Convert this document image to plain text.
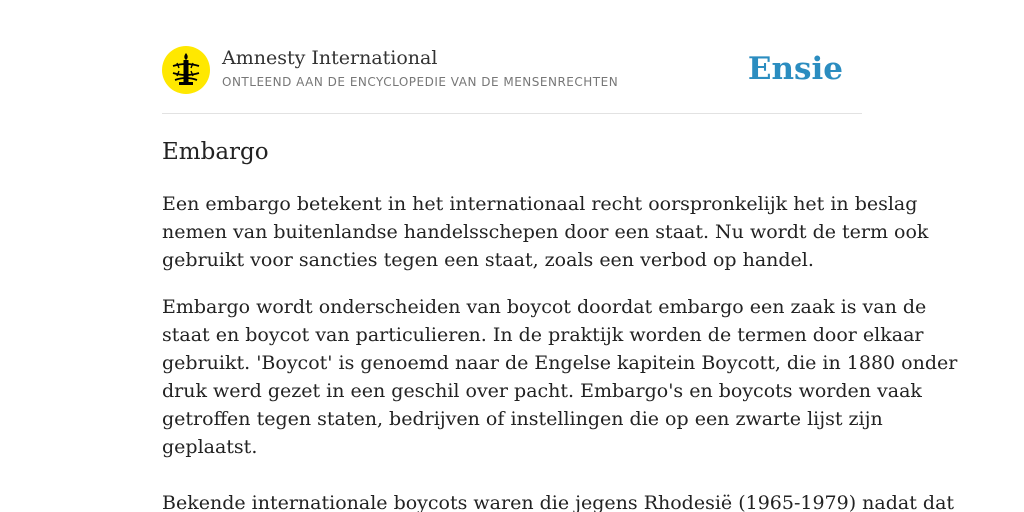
Amnesty International
ONTLEEND AAN DE ENCYCLOPEDIE VAN DE MENSENRECHTEN	Ensie
Embargo

Een embargo betekent in het internationaal recht oorspronkelijk het in beslag
nemen van buitenlandse handelsschepen door een staat. Nu wordt de term ook
gebruikt voor sancties tegen een staat, zoals een verbod op handel.

Embargo wordt onderscheiden van boycot doordat embargo een zaak is van de
staat en boycot van particulieren. In de praktijk worden de termen door elkaar
gebruikt. 'Boycot' is genoemd naar de Engelse kapitein Boycott, die in 1880 onder
druk werd gezet in een geschil over pacht. Embargo's en boycots worden vaak
getroffen tegen staten, bedrijven of instellingen die op een zwarte lijst zijn
geplaatst.

Bekende internationale boycots waren die jegens Rhodesië (1965-1979) nadat dat
